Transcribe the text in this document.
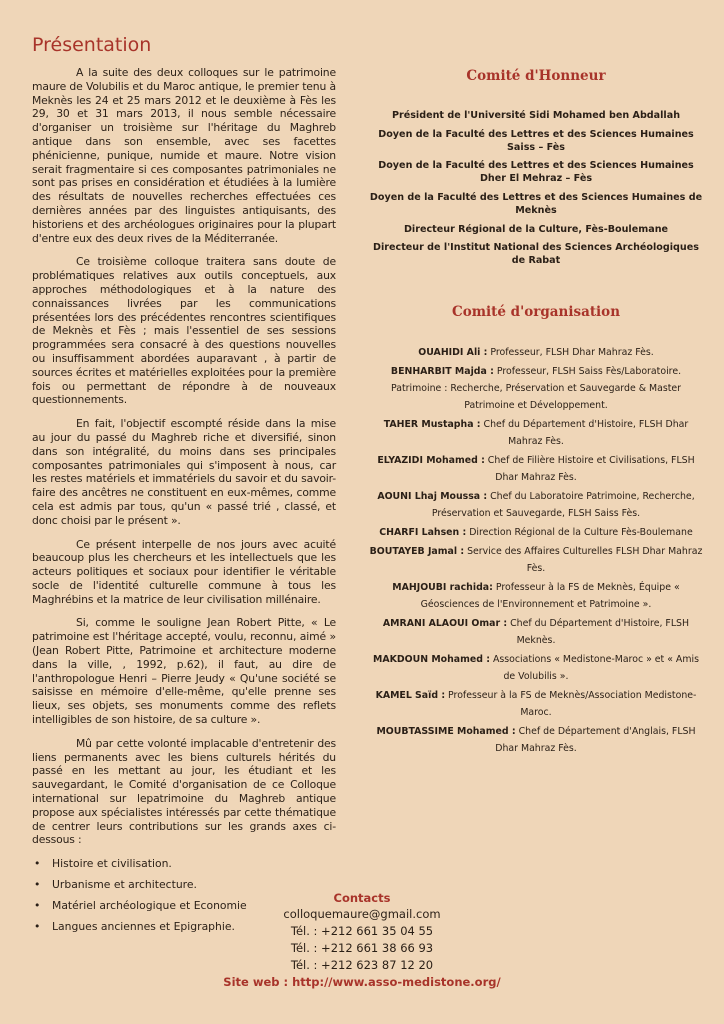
Présentation

A la suite des deux colloques sur le patrimoine maure de Volubilis et du Maroc antique, le premier tenu à Meknès les 24 et 25 mars 2012 et le deuxième à Fès les 29, 30 et 31 mars 2013, il nous semble nécessaire d'organiser un troisième sur l'héritage du Maghreb antique dans son ensemble, avec ses facettes phénicienne, punique, numide et maure. Notre vision serait fragmentaire si ces composantes patrimoniales ne sont pas prises en considération et étudiées à la lumière des résultats de nouvelles recherches effectuées ces dernières années par des linguistes antiquisants, des historiens et des archéologues originaires pour la plupart d'entre eux des deux rives de la Méditerranée.

Ce troisième colloque traitera sans doute de problématiques relatives aux outils conceptuels, aux approches méthodologiques et à la nature des connaissances livrées par les communications présentées lors des précédentes rencontres scientifiques de Meknès et Fès ; mais l'essentiel de ses sessions programmées sera consacré à des questions nouvelles ou insuffisamment abordées auparavant , à partir de sources écrites et matérielles exploitées pour la première fois ou permettant de répondre à de nouveaux questionnements.

En fait, l'objectif escompté réside dans la mise au jour du passé du Maghreb riche et diversifié, sinon dans son intégralité, du moins dans ses principales composantes patrimoniales qui s'imposent à nous, car les restes matériels et immatériels du savoir et du savoir-faire des ancêtres ne constituent en eux-mêmes, comme cela est admis par tous, qu'un « passé trié , classé, et donc choisi par le présent ».

Ce présent interpelle de nos jours avec acuité beaucoup plus les chercheurs et les intellectuels que les acteurs politiques et sociaux pour identifier le véritable socle de l'identité culturelle commune à tous les Maghrébins et la matrice de leur civilisation millénaire.

Si, comme le souligne Jean Robert Pitte, « Le patrimoine est l'héritage accepté, voulu, reconnu, aimé » (Jean Robert Pitte, Patrimoine et architecture moderne dans la ville, , 1992, p.62), il faut, au dire de l'anthropologue Henri – Pierre Jeudy « Qu'une société se saisisse en mémoire d'elle-même, qu'elle prenne ses lieux, ses objets, ses monuments comme des reflets intelligibles de son histoire, de sa culture ».

Mû par cette volonté implacable d'entretenir des liens permanents avec les biens culturels hérités du passé en les mettant au jour, les étudiant et les sauvegardant, le Comité d'organisation de ce Colloque international sur lepatrimoine du Maghreb antique propose aux spécialistes intéressés par cette thématique de centrer leurs contributions sur les grands axes ci-dessous :

• Histoire et civilisation.
• Urbanisme et architecture.
• Matériel archéologique et Economie
• Langues anciennes et Epigraphie.
Comité d'Honneur
Président de l'Université Sidi Mohamed ben Abdallah
Doyen de la Faculté des Lettres et des Sciences Humaines Saiss – Fès
Doyen de la Faculté des Lettres et des Sciences Humaines Dher El Mehraz – Fès
Doyen de la Faculté des Lettres et des Sciences Humaines de Meknès
Directeur Régional de la Culture, Fès-Boulemane
Directeur de l'Institut National des Sciences Archéologiques de Rabat
Comité d'organisation
OUAHIDI Ali : Professeur, FLSH Dhar Mahraz Fès.
BENHARBIT Majda : Professeur, FLSH Saiss Fès/Laboratoire. Patrimoine : Recherche, Préservation et Sauvegarde & Master Patrimoine et Développement.
TAHER Mustapha : Chef du Département d'Histoire, FLSH Dhar Mahraz Fès.
ELYAZIDI Mohamed : Chef de Filière Histoire et Civilisations, FLSH Dhar Mahraz Fès.
AOUNI Lhaj Moussa : Chef du Laboratoire Patrimoine, Recherche, Préservation et Sauvegarde, FLSH Saiss Fès.
CHARFI Lahsen : Direction Régional de la Culture Fès-Boulemane
BOUTAYEB Jamal : Service des Affaires Culturelles FLSH Dhar Mahraz Fès.
MAHJOUBI rachida: Professeur à la FS de Meknès, Équipe « Géosciences de l'Environnement et Patrimoine ».
AMRANI ALAOUI Omar : Chef du Département d'Histoire, FLSH Meknès.
MAKDOUN Mohamed : Associations « Medistone-Maroc » et « Amis de Volubilis ».
KAMEL Saïd : Professeur à la FS de Meknès/Association Medistone-Maroc.
MOUBTASSIME Mohamed : Chef de Département d'Anglais, FLSH Dhar Mahraz Fès.
Contacts
colloquemaure@gmail.com
Tél. : +212 661 35 04 55
Tél. : +212 661 38 66 93
Tél. : +212 623 87 12 20
Site web : http://www.asso-medistone.org/
